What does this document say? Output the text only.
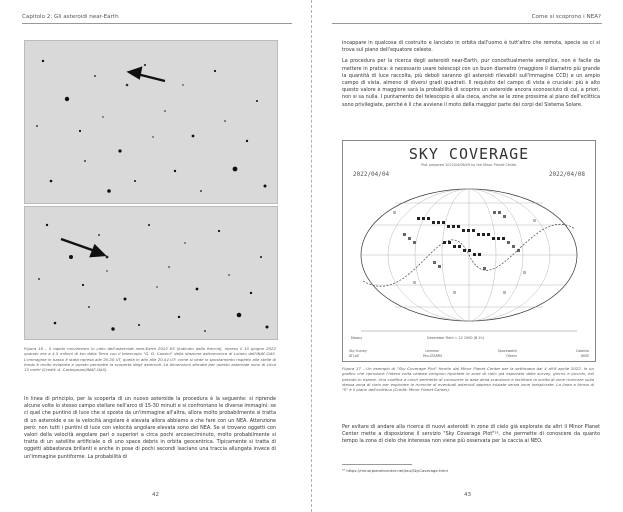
Capitolo 2: Gli asteroidi near-Earth
Figura 16 – Il rapido movimento in cielo dell'asteroide near-Earth 2022 KS (indicato dalla freccia), ripreso il 10 giugno 2022 quando era a 4,5 milioni di km dalla Terra con il telescopio "G. D. Cassini" della stazione astronomica di Loiano dell'INAF-OAS. L'immagine in basso è stata ripresa alle 20.50 UT, quella in alto alle 20.54 UT: come si vede lo spostamento rispetto alle stelle di fondo è molto evidente e questo permette la scoperta degli asteroidi. Le dimensioni stimate per questo asteroide sono di circa 15 metri (Credit: A. Carbognani/INAF-OAS).

In linea di principio, per la scoperta di un nuovo asteroide la procedura è la seguente: si riprende alcune volte lo stesso campo stellare nell'arco di 15-30 minuti e si confrontano le diverse immagini: se ci quel che puntino di luce che si sposta da un'immagine all'altra, allora molto probabilmente si tratta di un asteroide e se la velocità angolare è elevata allora abbiamo a che fare con un NEA. Attenzione però: non tutti i puntini di luce con velocità angolare elevata sono dei NEA. Se si trovano oggetti con valori della velocità angolare pari o superiori a circa pochi arcosec/minuto, molto probabilmente si tratta di un satellite artificiale o di uno space debris in orbita geocentrica. Tipicamente si tratta di oggetti abbastanza brillanti e anche in pose di pochi secondi lasciano una traccia allungata invece di un'immagine puntiforme. La probabilità di

42
Come si scoprono i NEA?

incappare in qualcosa di costruito e lanciato in orbita dall'uomo è tutt'altro che remota, specie se ci si trova sul piano dell'equatore celeste.

La procedura per la ricerca degli asteroidi near-Earth, pur concettualmente semplice, non è facile da mettere in pratica: è necessario usare telescopi con un buon diametro (maggiore il diametro più grande la quantità di luce raccolta, più deboli saranno gli asteroidi rilevabili sull'immagine CCD) e un ampio campo di vista, almeno di diversi gradi quadrati. Il requisito del campo di vista è cruciale: più è alto questo valore è maggiore sarà la probabilità di scoprire un asteroide ancora sconosciuto di cui, a priori, non si sa nulla. I puntamento del telescopio è alla cieca, anche se le zone prossime al piano dell'eclittica sono privilegiate, perché è lì che avviene il moto della maggior parte dei corpi del Sistema Solare.

SKY COVERAGE
Plot prepared 2022/04/08/09 by the Minor Planet Center
2022/04/04	2022/04/08
Moony	December Field = 12 1900 (B 1h)
Sky Survey	Lemmon	Spacewatch	Catalina
ATLAS	Pan-STARRS	Others	WISE
Figura 17 – Un esempio di "Sky Coverage Plot" fornito dal Minor Planet Center per la settimana dal 4 all'8 aprile 2022. In un grafico che riproduce l'intera volta celeste vengono riportate le zone di cielo già esplorate dalle survey, giorno e piccolo, nel periodo in esame. Una codifica a colori permette di conoscere la data della scansione e facilitare la scelta di zone ricercare sulla stessa zona di cielo per esplorare le ricerche di eventuali asteroidi appena iniziate senza zone inesplorate. La linea a forma di "S" è il piano dell'eclittica (Credit: Minor Planet Center).

Per evitare di andare alla ricerca di nuovi asteroidi in zone di cielo già esplorate da altri il Minor Planet Center mette a disposizione il servizio "Sky Coverage Plot"¹⁹, che permette di conoscere da quanto tempo la zona di cielo che interessa non viene più osservata per la caccia ai NEO.

¹⁹ https://minorplanetcenter.net/iau/SkyCoverage.html
43
